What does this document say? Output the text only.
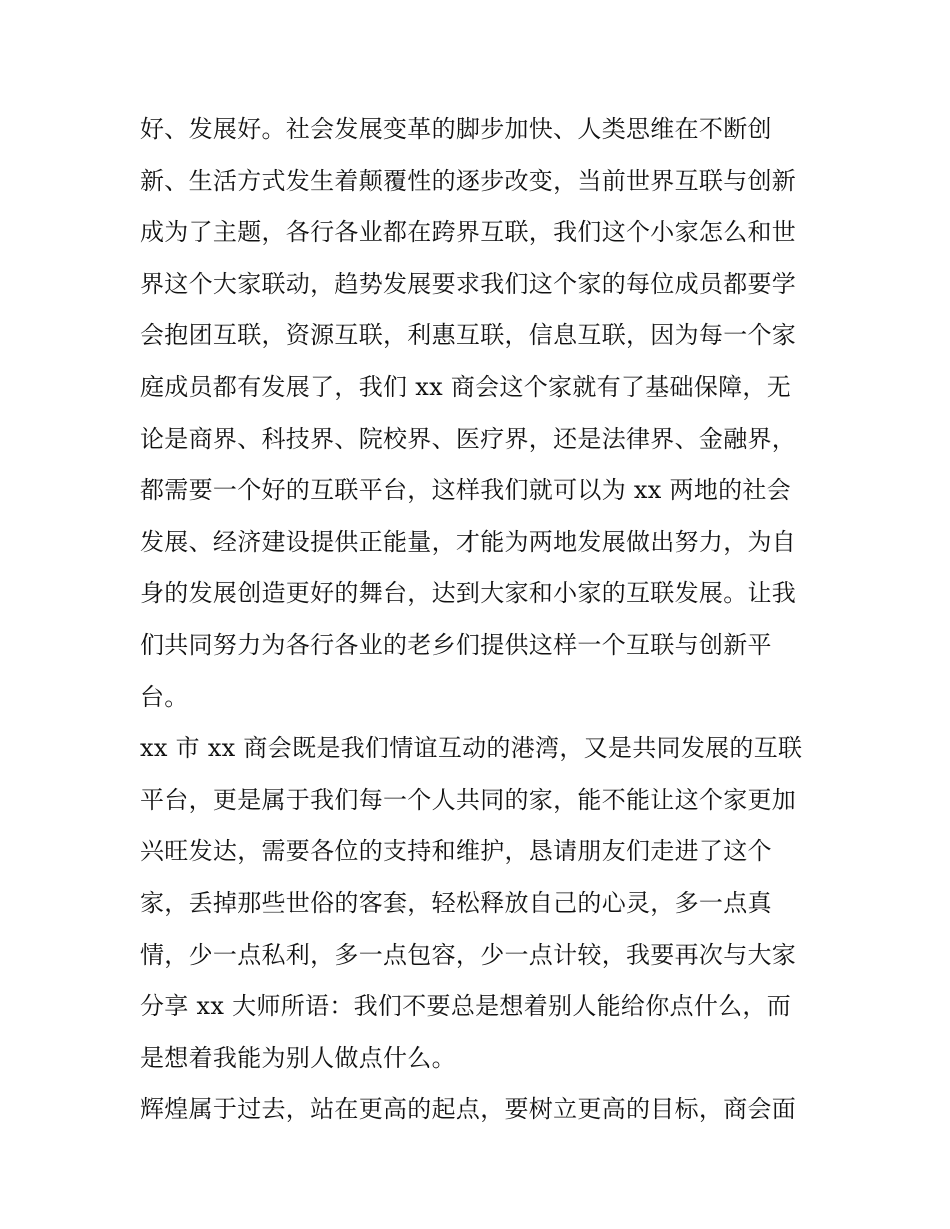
好、发展好。社会发展变革的脚步加快、人类思维在不断创
新、生活方式发生着颠覆性的逐步改变，当前世界互联与创新
成为了主题，各行各业都在跨界互联，我们这个小家怎么和世
界这个大家联动，趋势发展要求我们这个家的每位成员都要学
会抱团互联，资源互联，利惠互联，信息互联，因为每一个家
庭成员都有发展了，我们 xx 商会这个家就有了基础保障，无
论是商界、科技界、院校界、医疗界，还是法律界、金融界，
都需要一个好的互联平台，这样我们就可以为 xx 两地的社会
发展、经济建设提供正能量，才能为两地发展做出努力，为自
身的发展创造更好的舞台，达到大家和小家的互联发展。让我
们共同努力为各行各业的老乡们提供这样一个互联与创新平
台。
xx 市 xx 商会既是我们情谊互动的港湾，又是共同发展的互联
平台，更是属于我们每一个人共同的家，能不能让这个家更加
兴旺发达，需要各位的支持和维护，恳请朋友们走进了这个
家，丢掉那些世俗的客套，轻松释放自己的心灵，多一点真
情，少一点私利，多一点包容，少一点计较，我要再次与大家
分享 xx 大师所语：我们不要总是想着别人能给你点什么，而
是想着我能为别人做点什么。
辉煌属于过去，站在更高的起点，要树立更高的目标，商会面
